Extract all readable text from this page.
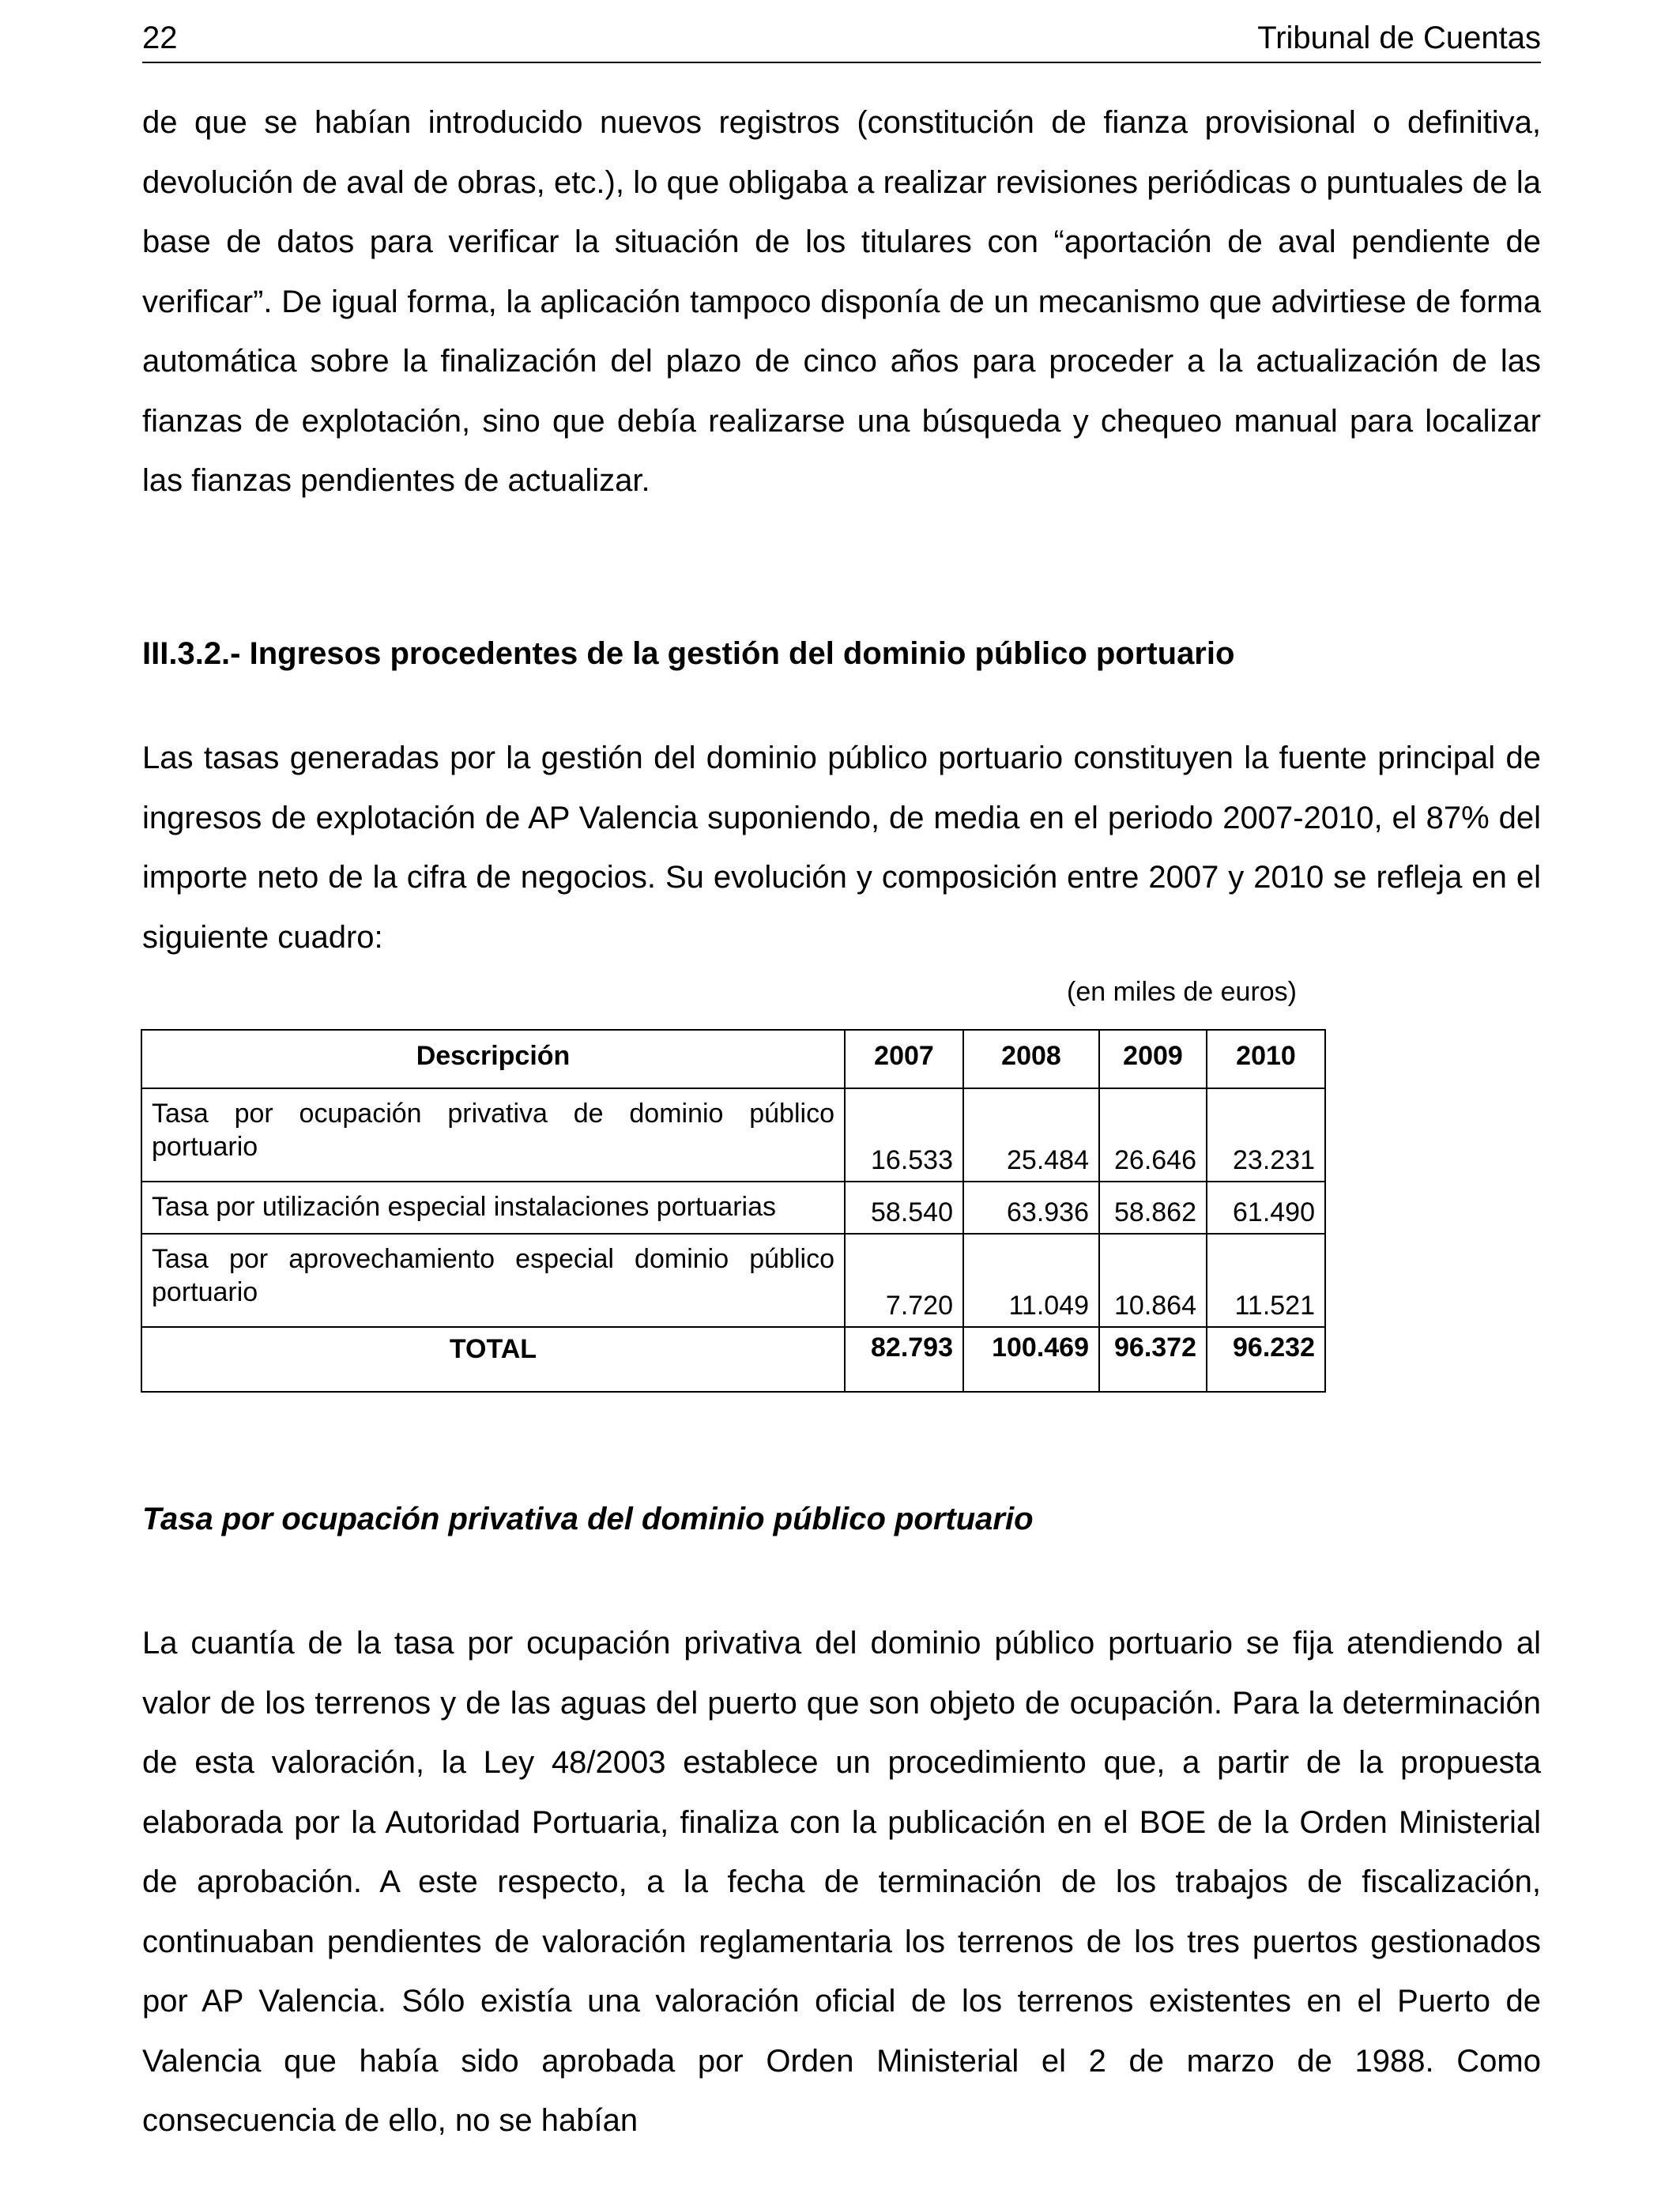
22	Tribunal de Cuentas

de que se habían introducido nuevos registros (constitución de fianza provisional o definitiva, devolución de aval de obras, etc.), lo que obligaba a realizar revisiones periódicas o puntuales de la base de datos para verificar la situación de los titulares con “aportación de aval pendiente de verificar”. De igual forma, la aplicación tampoco disponía de un mecanismo que advirtiese de forma automática sobre la finalización del plazo de cinco años para proceder a la actualización de las fianzas de explotación, sino que debía realizarse una búsqueda y chequeo manual para localizar las fianzas pendientes de actualizar.

III.3.2.- Ingresos procedentes de la gestión del dominio público portuario

Las tasas generadas por la gestión del dominio público portuario constituyen la fuente principal de ingresos de explotación de AP Valencia suponiendo, de media en el periodo 2007-2010, el 87% del importe neto de la cifra de negocios. Su evolución y composición entre 2007 y 2010 se refleja en el siguiente cuadro:

(en miles de euros)
Descripción	2007	2008	2009	2010
Tasa por ocupación privativa de dominio público portuario	16.533	25.484	26.646	23.231
Tasa por utilización especial instalaciones portuarias	58.540	63.936	58.862	61.490
Tasa por aprovechamiento especial dominio público portuario	7.720	11.049	10.864	11.521
TOTAL	82.793	100.469	96.372	96.232
Tasa por ocupación privativa del dominio público portuario

La cuantía de la tasa por ocupación privativa del dominio público portuario se fija atendiendo al valor de los terrenos y de las aguas del puerto que son objeto de ocupación. Para la determinación de esta valoración, la Ley 48/2003 establece un procedimiento que, a partir de la propuesta elaborada por la Autoridad Portuaria, finaliza con la publicación en el BOE de la Orden Ministerial de aprobación. A este respecto, a la fecha de terminación de los trabajos de fiscalización, continuaban pendientes de valoración reglamentaria los terrenos de los tres puertos gestionados por AP Valencia. Sólo existía una valoración oficial de los terrenos existentes en el Puerto de Valencia que había sido aprobada por Orden Ministerial el 2 de marzo de 1988. Como consecuencia de ello, no se habían
